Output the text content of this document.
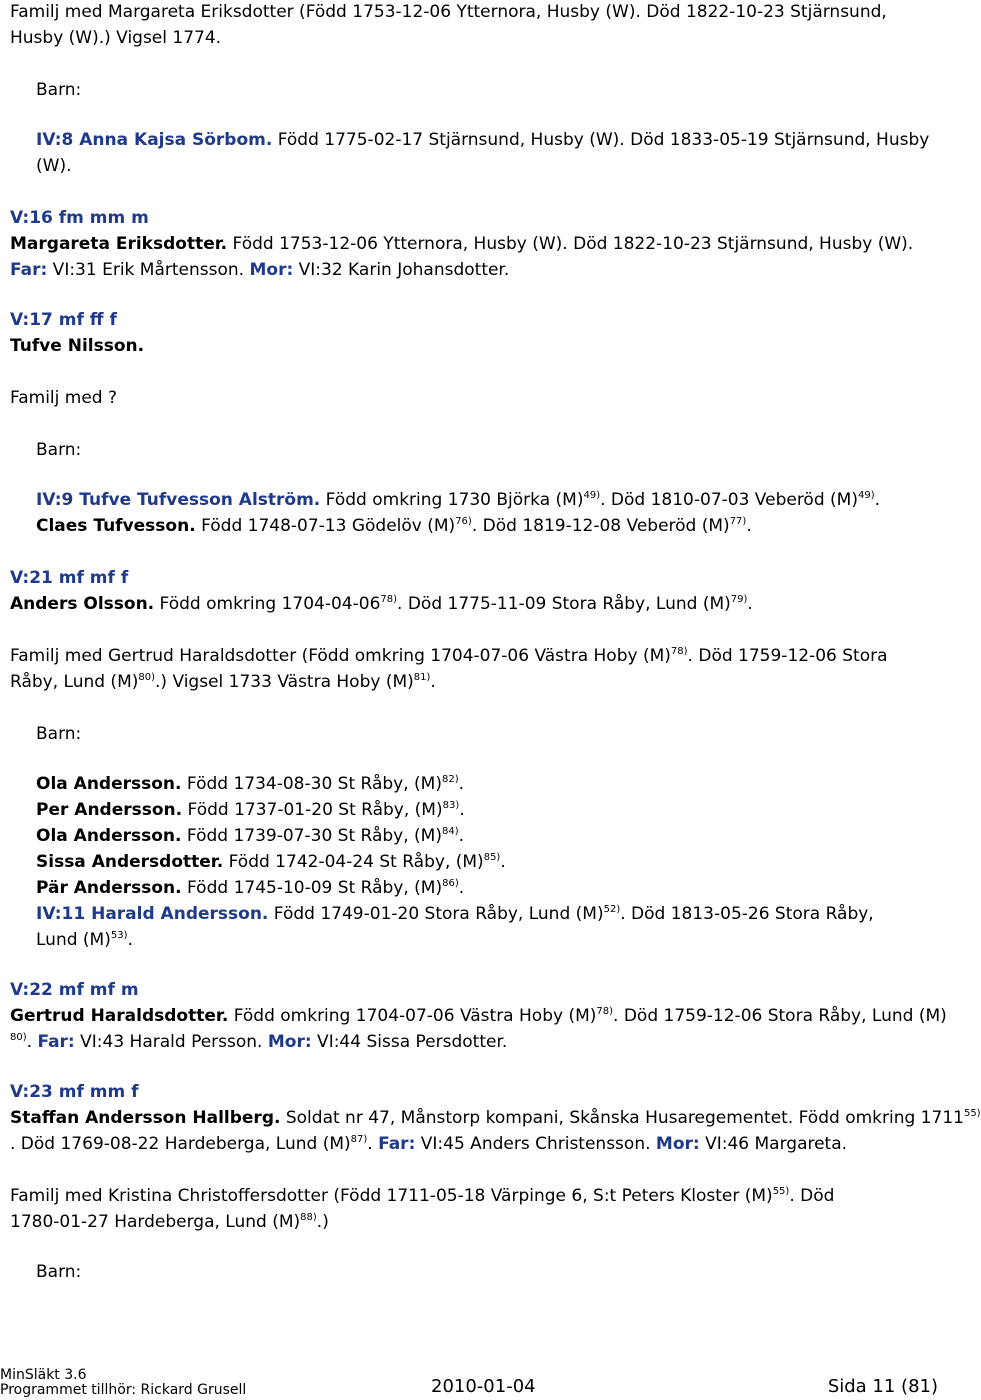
Familj med Margareta Eriksdotter (Född 1753-12-06 Ytternora, Husby (W). Död 1822-10-23 Stjärnsund,
Husby (W).) Vigsel 1774.
Barn:
IV:8 Anna Kajsa Sörbom. Född 1775-02-17 Stjärnsund, Husby (W). Död 1833-05-19 Stjärnsund, Husby
(W).
V:16 fm mm m
Margareta Eriksdotter. Född 1753-12-06 Ytternora, Husby (W). Död 1822-10-23 Stjärnsund, Husby (W).
Far: VI:31 Erik Mårtensson. Mor: VI:32 Karin Johansdotter.
V:17 mf ff f
Tufve Nilsson.
Familj med ?
Barn:
IV:9 Tufve Tufvesson Alström. Född omkring 1730 Björka $(M)^{49)}$. Död 1810-07-03 Veberöd $(M)^{49)}$.
Claes Tufvesson. Född 1748-07-13 Gödelöv $(M)^{76)}$. Död 1819-12-08 Veberöd $(M)^{77)}$.
V:21 mf mf f
Anders Olsson. Född omkring 1704-04-06$^{78)}$. Död 1775-11-09 Stora Råby, Lund $(M)^{79)}$.
Familj med Gertrud Haraldsdotter (Född omkring 1704-07-06 Västra Hoby $(M)^{78)}$. Död 1759-12-06 Stora
Råby, Lund $(M)^{80)}$.) Vigsel 1733 Västra Hoby $(M)^{81)}$.
Barn:
Ola Andersson. Född 1734-08-30 St Råby, $(M)^{82)}$.
Per Andersson. Född 1737-01-20 St Råby, $(M)^{83)}$.
Ola Andersson. Född 1739-07-30 St Råby, $(M)^{84)}$.
Sissa Andersdotter. Född 1742-04-24 St Råby, $(M)^{85)}$.
Pär Andersson. Född 1745-10-09 St Råby, $(M)^{86)}$.
IV:11 Harald Andersson. Född 1749-01-20 Stora Råby, Lund $(M)^{52)}$. Död 1813-05-26 Stora Råby,
Lund $(M)^{53)}$.
V:22 mf mf m
Gertrud Haraldsdotter. Född omkring 1704-07-06 Västra Hoby $(M)^{78)}$. Död 1759-12-06 Stora Råby, Lund (M)
$^{80)}$. Far: VI:43 Harald Persson. Mor: VI:44 Sissa Persdotter.
V:23 mf mm f
Staffan Andersson Hallberg. Soldat nr 47, Månstorp kompani, Skånska Husaregementet. Född omkring 1711$^{55)}$
. Död 1769-08-22 Hardeberga, Lund $(M)^{87)}$. Far: VI:45 Anders Christensson. Mor: VI:46 Margareta.
Familj med Kristina Christoffersdotter (Född 1711-05-18 Värpinge 6, S:t Peters Kloster $(M)^{55)}$. Död
1780-01-27 Hardeberga, Lund $(M)^{88)}$.)
Barn:
MinSläkt 3.6
Programmet tillhör: Rickard Grusell	2010-01-04	Sida 11 (81)
